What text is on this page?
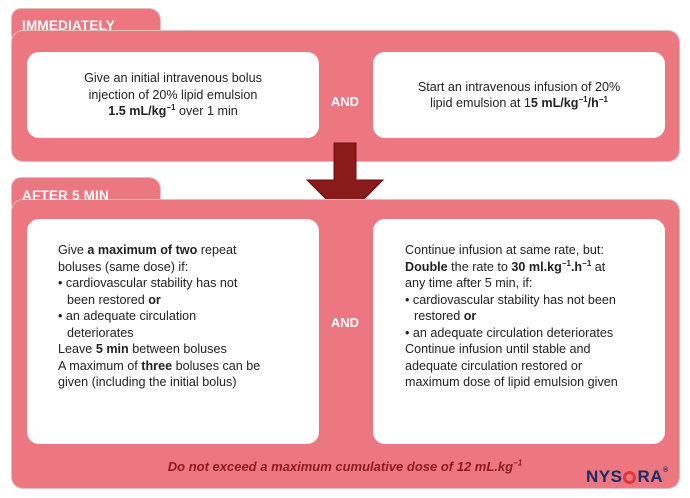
IMMEDIATELY
Give an initial intravenous bolus
injection of 20% lipid emulsion
1.5 $mL/kg^{-1}$ over 1 min
AND
Start an intravenous infusion of 20%
lipid emulsion at 15 $mL/kg^{-1}/h^{-1}$
AFTER 5 MIN
Give a maximum of two repeat
boluses (same dose) if:
• cardiovascular stability has not
been restored or
• an adequate circulation
deteriorates
Leave 5 min between boluses
A maximum of three boluses can be
given (including the initial bolus)
AND
Continue infusion at same rate, but:
Double the rate to 30 $ml.kg^{-1}.h^{-1}$ at
any time after 5 min, if:
• cardiovascular stability has not been
restored or
• an adequate circulation deteriorates
Continue infusion until stable and
adequate circulation restored or
maximum dose of lipid emulsion given
Do not exceed a maximum cumulative dose of 12 $mL.kg^{-1}$
NYS RA®
